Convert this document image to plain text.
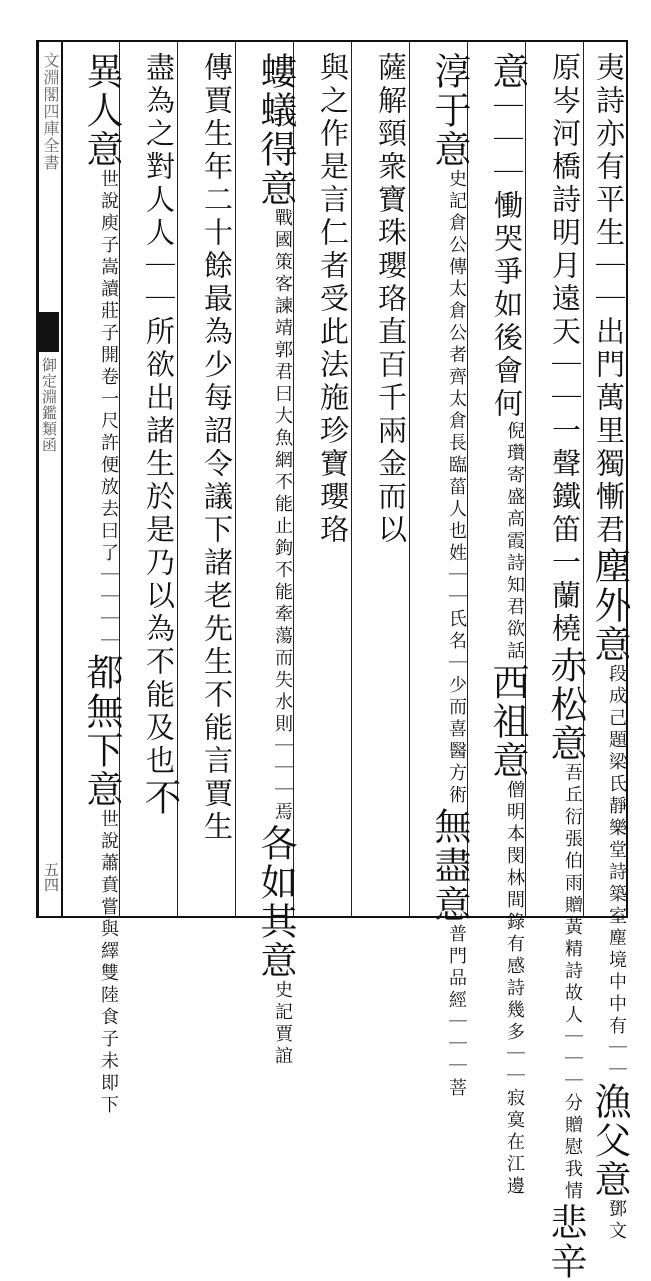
文淵閣四庫全書
御定淵鑑類函
五四
夷詩亦有平生｜｜出門萬里獨慚君塵外意段成己題梁氏靜樂堂詩築室塵境中中有｜｜漁父意鄧文
原岑河橋詩明月遠天｜｜一聲鐵笛一蘭橈赤松意吾丘衍張伯雨贈黃精詩故人｜｜｜分贈慰我情悲辛
意｜｜｜慟哭爭如後會何倪瓚寄盛高霞詩知君欲話西祖意僧明本閔林間錄有感詩幾多｜｜寂寞在江邊
淳于意史記倉公傳太倉公者齊太倉長臨菑人也姓｜｜氏名｜少而喜醫方術無盡意普門品經｜｜｜菩
薩解頸衆寶珠瓔珞直百千兩金而以
與之作是言仁者受此法施珍寶瓔珞
螻蟻得意戰國策客諫靖郭君曰大魚網不能止鉤不能牽蕩而失水則｜｜｜焉各如其意史記賈誼
傳賈生年二十餘最為少每詔令議下諸老先生不能言賈生
盡為之對人人｜｜所欲出諸生於是乃以為不能及也不
異人意世說庾子嵩讀莊子開卷一尺許便放去曰了｜｜｜｜都無下意世說蕭賁嘗與繹雙陸食子未即下
